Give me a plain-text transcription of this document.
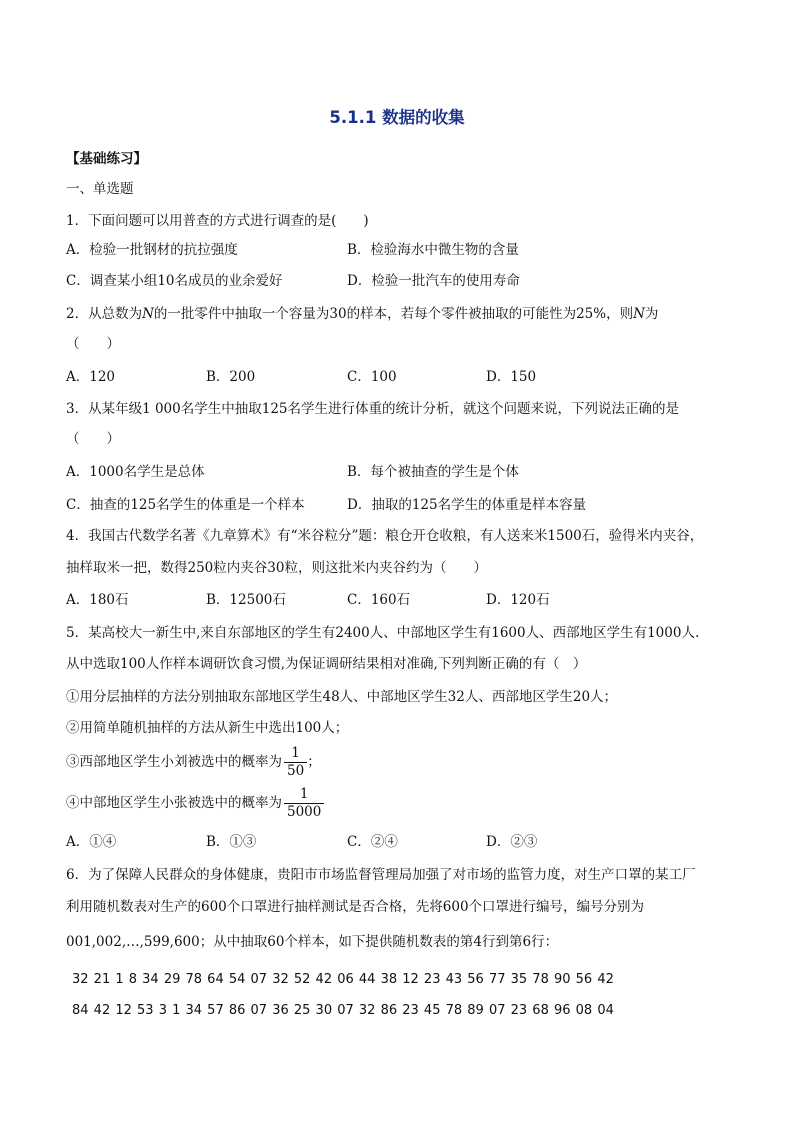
5.1.1 数据的收集
【基础练习】
一、单选题
1．下面问题可以用普查的方式进行调查的是(　　)
A．检验一批钢材的抗拉强度	B．检验海水中微生物的含量
C．调查某小组10名成员的业余爱好	D．检验一批汽车的使用寿命
2．从总数为N的一批零件中抽取一个容量为30的样本，若每个零件被抽取的可能性为25%，则N为
（　　）
A．120	B．200	C．100	D．150
3．从某年级1 000名学生中抽取125名学生进行体重的统计分析，就这个问题来说，下列说法正确的是
（　　）
A．1000名学生是总体	B．每个被抽查的学生是个体
C．抽查的125名学生的体重是一个样本	D．抽取的125名学生的体重是样本容量
4．我国古代数学名著《九章算术》有“米谷粒分”题：粮仓开仓收粮，有人送来米1500石，验得米内夹谷，
抽样取米一把，数得250粒内夹谷30粒，则这批米内夹谷约为（　　）
A．180石	B．12500石	C．160石	D．120石
5．某高校大一新生中,来自东部地区的学生有2400人、中部地区学生有1600人、西部地区学生有1000人.
从中选取100人作样本调研饮食习惯,为保证调研结果相对准确,下列判断正确的有（　）
①用分层抽样的方法分别抽取东部地区学生48人、中部地区学生32人、西部地区学生20人；
②用简单随机抽样的方法从新生中选出100人；
③西部地区学生小刘被选中的概率为 $\frac{1}{50}$ ；
④中部地区学生小张被选中的概率为 $\frac{1}{5000}$
A．①④	B．①③	C．②④	D．②③
6．为了保障人民群众的身体健康，贵阳市市场监督管理局加强了对市场的监管力度，对生产口罩的某工厂
利用随机数表对生产的600个口罩进行抽样测试是否合格，先将600个口罩进行编号，编号分别为
001,002,…,599,600；从中抽取60个样本，如下提供随机数表的第4行到第6行：
32 21 1 8 34 29 78 64 54 07 32 52 42 06 44 38 12 23 43 56 77 35 78 90 56 42
84 42 12 53 3 1 34 57 86 07 36 25 30 07 32 86 23 45 78 89 07 23 68 96 08 04
